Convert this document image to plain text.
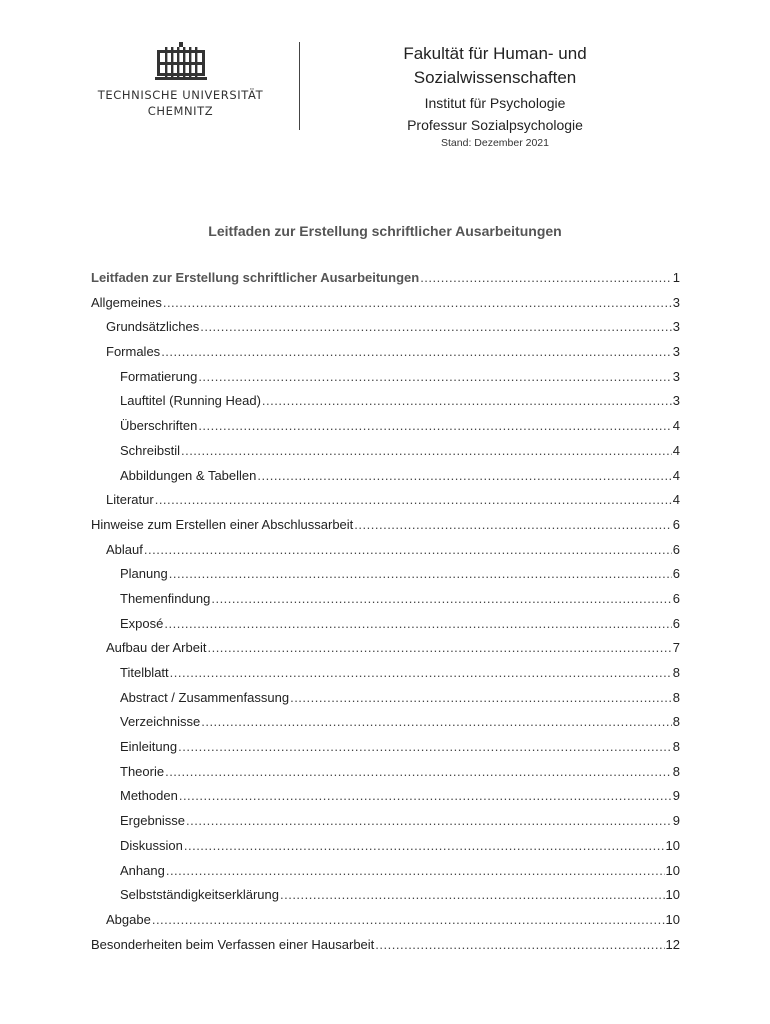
TECHNISCHE UNIVERSITÄT
CHEMNITZ
Fakultät für Human- und
Sozialwissenschaften
Institut für Psychologie
Professur Sozialpsychologie
Stand: Dezember 2021
Leitfaden zur Erstellung schriftlicher Ausarbeitungen
Leitfaden zur Erstellung schriftlicher Ausarbeitungen .....	1
Allgemeines .....	3
Grundsätzliches .....	3
Formales .....	3
Formatierung .....	3
Lauftitel (Running Head) .....	3
Überschriften .....	4
Schreibstil .....	4
Abbildungen & Tabellen .....	4
Literatur .....	4
Hinweise zum Erstellen einer Abschlussarbeit .....	6
Ablauf .....	6
Planung .....	6
Themenfindung .....	6
Exposé .....	6
Aufbau der Arbeit .....	7
Titelblatt .....	8
Abstract / Zusammenfassung .....	8
Verzeichnisse .....	8
Einleitung .....	8
Theorie .....	8
Methoden .....	9
Ergebnisse .....	9
Diskussion .....	10
Anhang .....	10
Selbstständigkeitserklärung .....	10
Abgabe .....	10
Besonderheiten beim Verfassen einer Hausarbeit .....	12
